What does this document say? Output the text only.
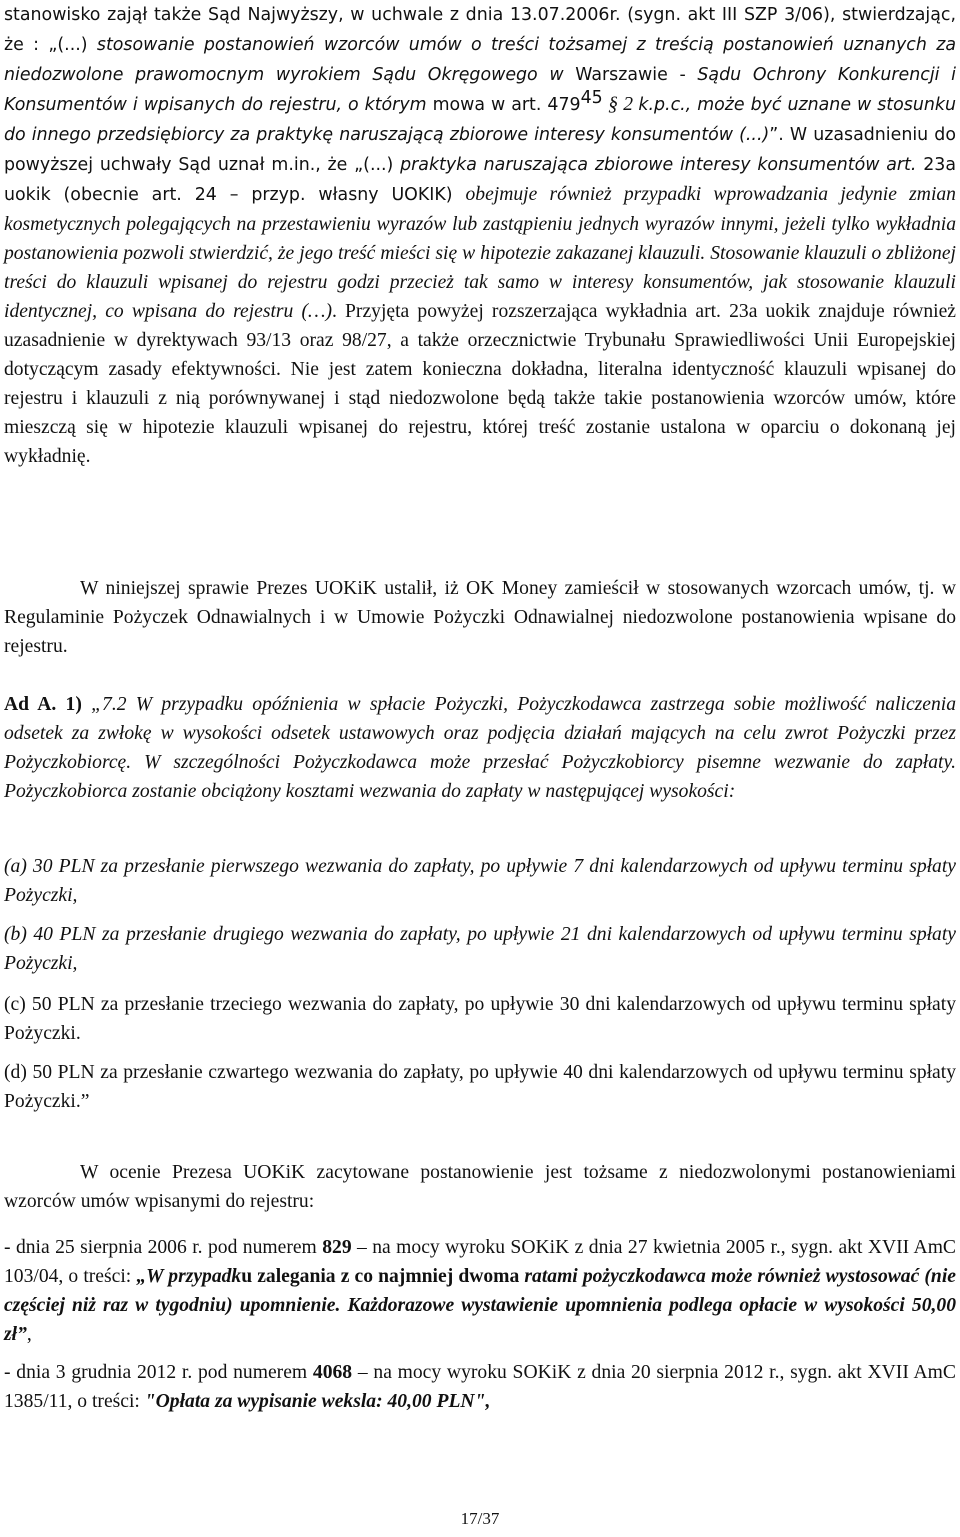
stanowisko zajął także Sąd Najwyższy, w uchwale z dnia 13.07.2006r. (sygn. akt III SZP 3/06), stwierdzając, że : „(...) stosowanie postanowień wzorców umów o treści tożsamej z treścią postanowień uznanych za niedozwolone prawomocnym wyrokiem Sądu Okręgowego w Warszawie - Sądu Ochrony Konkurencji i Konsumentów i wpisanych do rejestru, o którym mowa w art. $479^{45}$ § 2 k.p.c., może być uznane w stosunku do innego przedsiębiorcy za praktykę naruszającą zbiorowe interesy konsumentów (...)”. W uzasadnieniu do powyższej uchwały Sąd uznał m.in., że „(...) praktyka naruszająca zbiorowe interesy konsumentów art. 23a uokik (obecnie art. 24 – przyp. własny UOKIK) obejmuje również przypadki wprowadzania jedynie zmian kosmetycznych polegających na przestawieniu wyrazów lub zastąpieniu jednych wyrazów innymi, jeżeli tylko wykładnia postanowienia pozwoli stwierdzić, że jego treść mieści się w hipotezie zakazanej klauzuli. Stosowanie klauzuli o zbliżonej treści do klauzuli wpisanej do rejestru godzi przecież tak samo w interesy konsumentów, jak stosowanie klauzuli identycznej, co wpisana do rejestru (…). Przyjęta powyżej rozszerzająca wykładnia art. 23a uokik znajduje również uzasadnienie w dyrektywach 93/13 oraz 98/27, a także orzecznictwie Trybunału Sprawiedliwości Unii Europejskiej dotyczącym zasady efektywności. Nie jest zatem konieczna dokładna, literalna identyczność klauzuli wpisanej do rejestru i klauzuli z nią porównywanej i stąd niedozwolone będą także takie postanowienia wzorców umów, które mieszczą się w hipotezie klauzuli wpisanej do rejestru, której treść zostanie ustalona w oparciu o dokonaną jej wykładnię.

W niniejszej sprawie Prezes UOKiK ustalił, iż OK Money zamieścił w stosowanych wzorcach umów, tj. w Regulaminie Pożyczek Odnawialnych i w Umowie Pożyczki Odnawialnej niedozwolone postanowienia wpisane do rejestru.

Ad A. 1) „7.2 W przypadku opóźnienia w spłacie Pożyczki, Pożyczkodawca zastrzega sobie możliwość naliczenia odsetek za zwłokę w wysokości odsetek ustawowych oraz podjęcia działań mających na celu zwrot Pożyczki przez Pożyczkobiorcę. W szczególności Pożyczkodawca może przesłać Pożyczkobiorcy pisemne wezwanie do zapłaty. Pożyczkobiorca zostanie obciążony kosztami wezwania do zapłaty w następującej wysokości:

(a) 30 PLN za przesłanie pierwszego wezwania do zapłaty, po upływie 7 dni kalendarzowych od upływu terminu spłaty Pożyczki,

(b) 40 PLN za przesłanie drugiego wezwania do zapłaty, po upływie 21 dni kalendarzowych od upływu terminu spłaty Pożyczki,

(c) 50 PLN za przesłanie trzeciego wezwania do zapłaty, po upływie 30 dni kalendarzowych od upływu terminu spłaty Pożyczki.

(d) 50 PLN za przesłanie czwartego wezwania do zapłaty, po upływie 40 dni kalendarzowych od upływu terminu spłaty Pożyczki.”

W ocenie Prezesa UOKiK zacytowane postanowienie jest tożsame z niedozwolonymi postanowieniami wzorców umów wpisanymi do rejestru:

- dnia 25 sierpnia 2006 r. pod numerem 829 – na mocy wyroku SOKiK z dnia 27 kwietnia 2005 r., sygn. akt XVII AmC 103/04, o treści: „W przypadku zalegania z co najmniej dwoma ratami pożyczkodawca może również wystosować (nie częściej niż raz w tygodniu) upomnienie. Każdorazowe wystawienie upomnienia podlega opłacie w wysokości 50,00 zł”,

- dnia 3 grudnia 2012 r. pod numerem 4068 – na mocy wyroku SOKiK z dnia 20 sierpnia 2012 r., sygn. akt XVII AmC 1385/11, o treści: "Opłata za wypisanie weksla: 40,00 PLN",

17/37
